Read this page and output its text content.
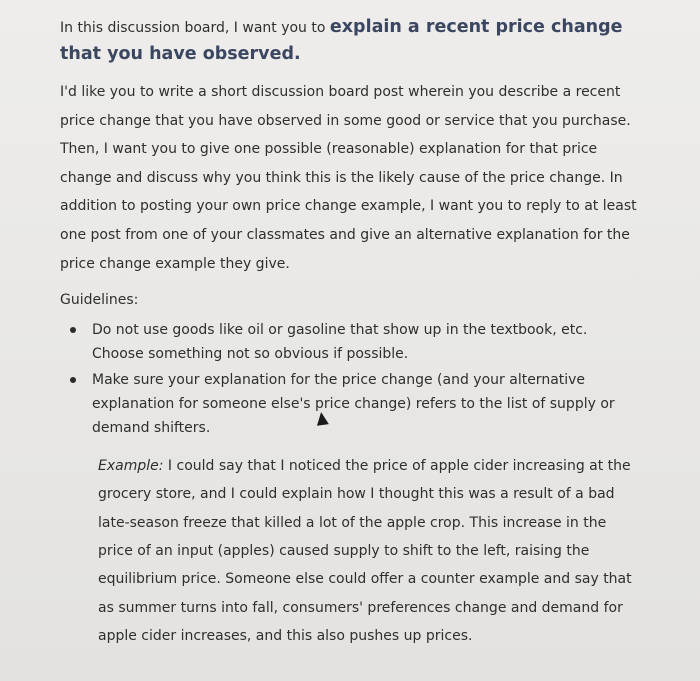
In this discussion board, I want you to explain a recent price change that you have observed.

I'd like you to write a short discussion board post wherein you describe a recent price change that you have observed in some good or service that you purchase. Then, I want you to give one possible (reasonable) explanation for that price change and discuss why you think this is the likely cause of the price change. In addition to posting your own price change example, I want you to reply to at least one post from one of your classmates and give an alternative explanation for the price change example they give.

Guidelines:
Do not use goods like oil or gasoline that show up in the textbook, etc. Choose something not so obvious if possible.
Make sure your explanation for the price change (and your alternative explanation for someone else's price change) refers to the list of supply or demand shifters.

Example: I could say that I noticed the price of apple cider increasing at the grocery store, and I could explain how I thought this was a result of a bad late-season freeze that killed a lot of the apple crop. This increase in the price of an input (apples) caused supply to shift to the left, raising the equilibrium price. Someone else could offer a counter example and say that as summer turns into fall, consumers' preferences change and demand for apple cider increases, and this also pushes up prices.
